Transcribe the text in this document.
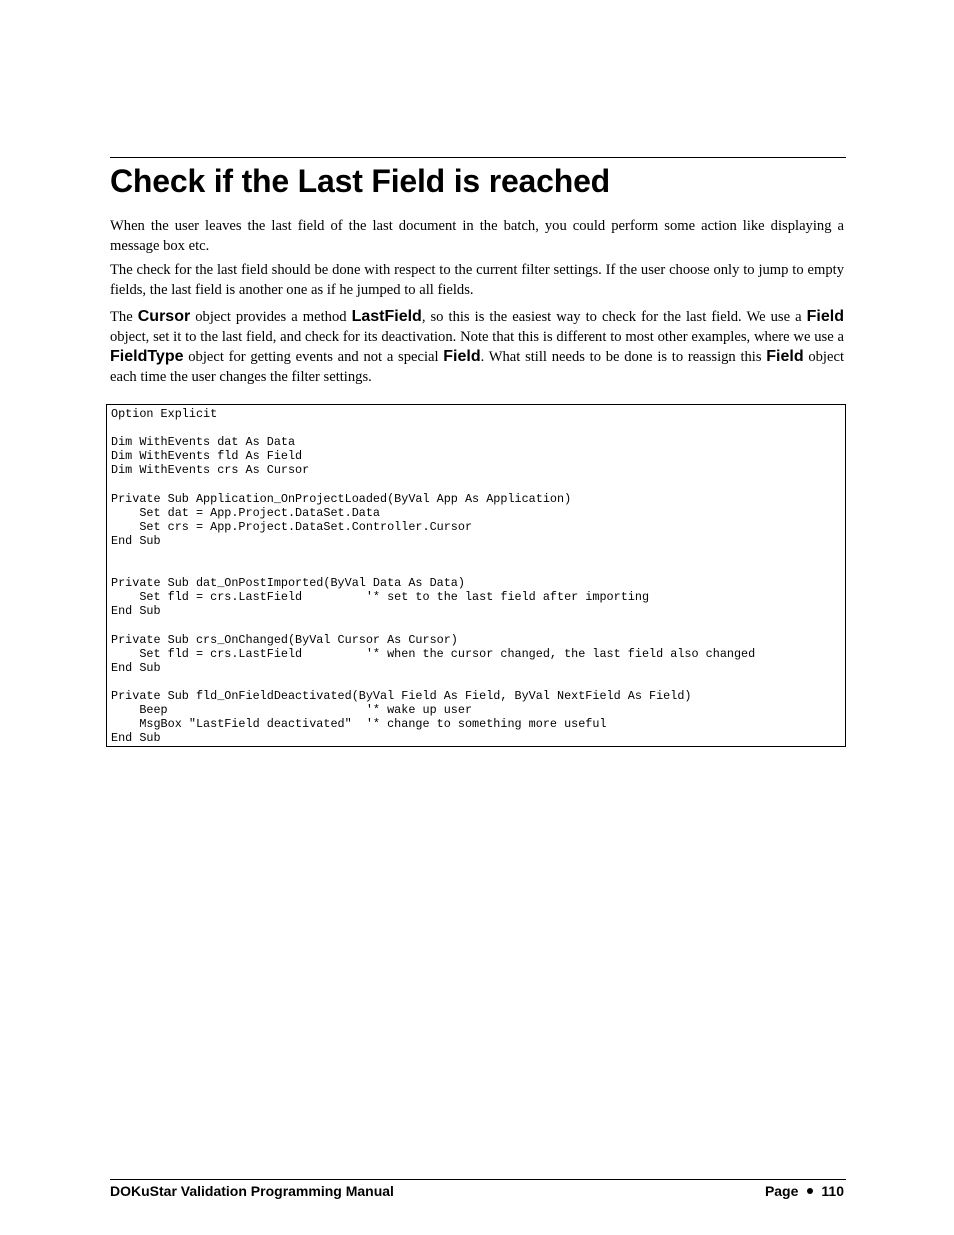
Check if the Last Field is reached

When the user leaves the last field of the last document in the batch, you could perform some action like displaying a message box etc.

The check for the last field should be done with respect to the current filter settings. If the user choose only to jump to empty fields, the last field is another one as if he jumped to all fields.

The Cursor object provides a method LastField, so this is the easiest way to check for the last field. We use a Field object, set it to the last field, and check for its deactivation. Note that this is different to most other examples, where we use a FieldType object for getting events and not a special Field. What still needs to be done is to reassign this Field object each time the user changes the filter settings.

Option Explicit

Dim WithEvents dat As Data
Dim WithEvents fld As Field
Dim WithEvents crs As Cursor

Private Sub Application_OnProjectLoaded(ByVal App As Application)
Set dat = App.Project.DataSet.Data
Set crs = App.Project.DataSet.Controller.Cursor
End Sub

Private Sub dat_OnPostImported(ByVal Data As Data)
Set fld = crs.LastField         '* set to the last field after importing
End Sub

Private Sub crs_OnChanged(ByVal Cursor As Cursor)
Set fld = crs.LastField         '* when the cursor changed, the last field also changed
End Sub

Private Sub fld_OnFieldDeactivated(ByVal Field As Field, ByVal NextField As Field)
Beep                            '* wake up user
MsgBox "LastField deactivated"  '* change to something more useful
End Sub
DOKuStar Validation Programming Manual	Page 110
